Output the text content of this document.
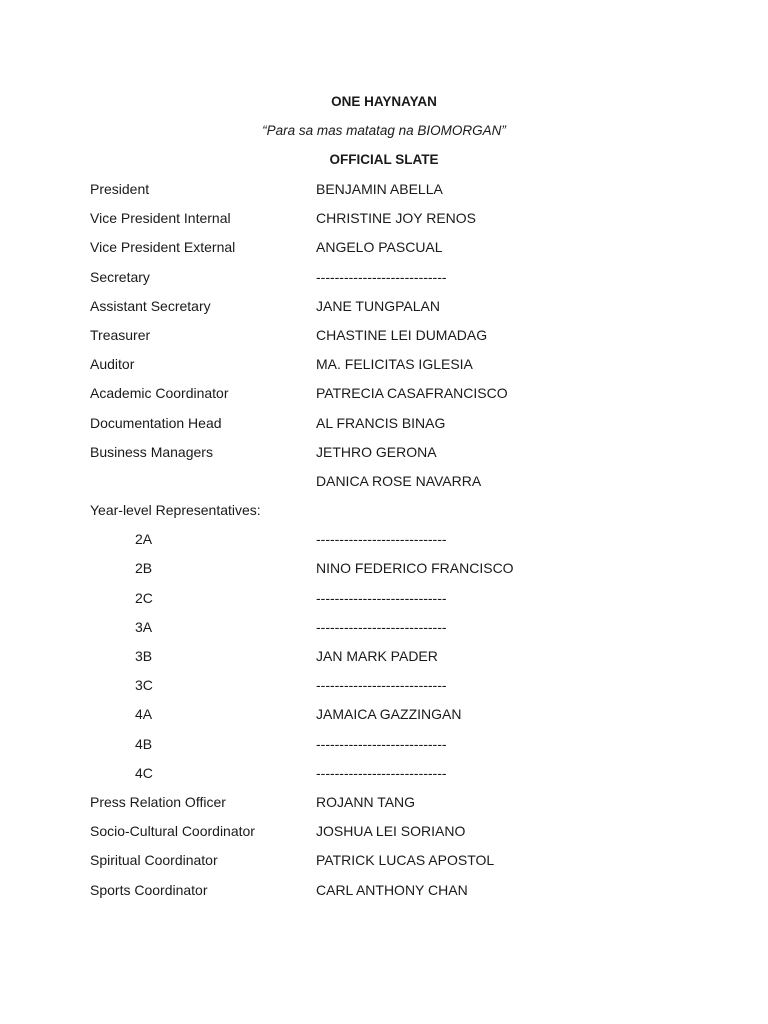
ONE HAYNAYAN
“Para sa mas matatag na BIOMORGAN”
OFFICIAL SLATE
President	BENJAMIN ABELLA
Vice President Internal	CHRISTINE JOY RENOS
Vice President External	ANGELO PASCUAL
Secretary	----------------------------
Assistant Secretary	JANE TUNGPALAN
Treasurer	CHASTINE LEI DUMADAG
Auditor	MA. FELICITAS IGLESIA
Academic Coordinator	PATRECIA CASAFRANCISCO
Documentation Head	AL FRANCIS BINAG
Business Managers	JETHRO GERONA
DANICA ROSE NAVARRA
Year-level Representatives:
2A	----------------------------
2B	NINO FEDERICO FRANCISCO
2C	----------------------------
3A	----------------------------
3B	JAN MARK PADER
3C	----------------------------
4A	JAMAICA GAZZINGAN
4B	----------------------------
4C	----------------------------
Press Relation Officer	ROJANN TANG
Socio-Cultural Coordinator	JOSHUA LEI SORIANO
Spiritual Coordinator	PATRICK LUCAS APOSTOL
Sports Coordinator	CARL ANTHONY CHAN
